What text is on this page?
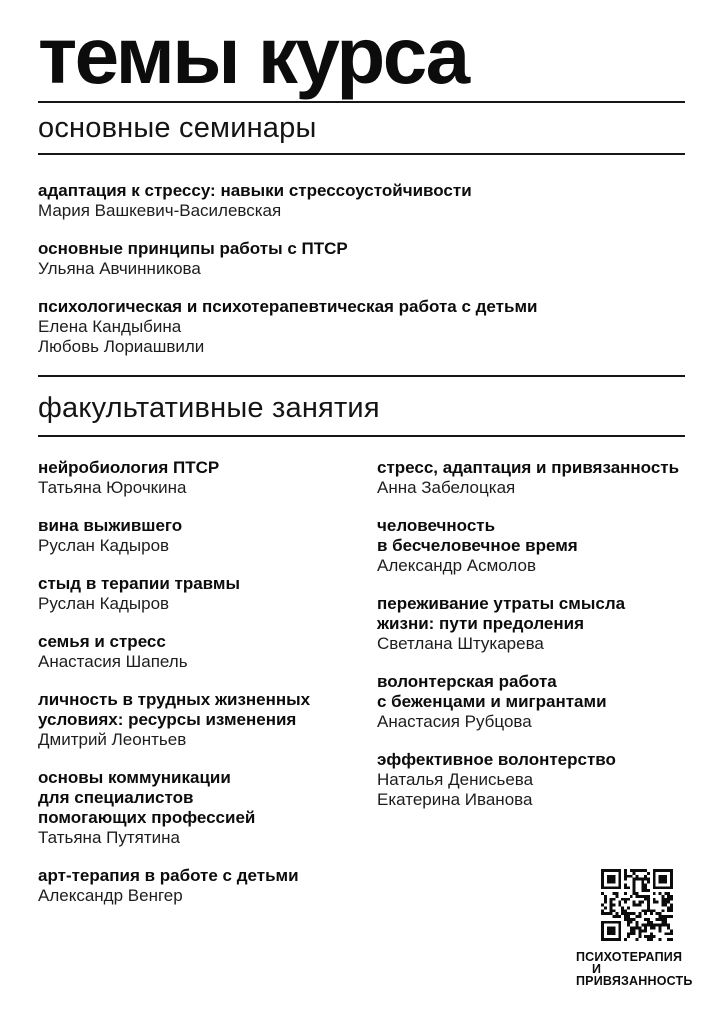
темы курса
основные семинары
адаптация к стрессу: навыки стрессоустойчивости
Мария Вашкевич-Василевская
основные принципы работы с ПТСР
Ульяна Авчинникова
психологическая и психотерапевтическая работа с детьми
Елена Кандыбина
Любовь Лориашвили
факультативные занятия
нейробиология ПТСР
Татьяна Юрочкина
вина выжившего
Руслан Кадыров
стыд в терапии травмы
Руслан Кадыров
семья и стресс
Анастасия Шапель
личность в трудных жизненных
условиях: ресурсы изменения
Дмитрий Леонтьев
основы коммуникации
для специалистов
помогающих профессией
Татьяна Путятина
арт-терапия в работе с детьми
Александр Венгер
стресс, адаптация и привязанность
Анна Забелоцкая
человечность
в бесчеловечное время
Александр Асмолов
переживание утраты смысла
жизни: пути предоления
Светлана Штукарева
волонтерская работа
с беженцами и мигрантами
Анастасия Рубцова
эффективное волонтерство
Наталья Денисьева
Екатерина Иванова
ПСИХОТЕРАПИЯ
И
ПРИВЯЗАННОСТЬ
